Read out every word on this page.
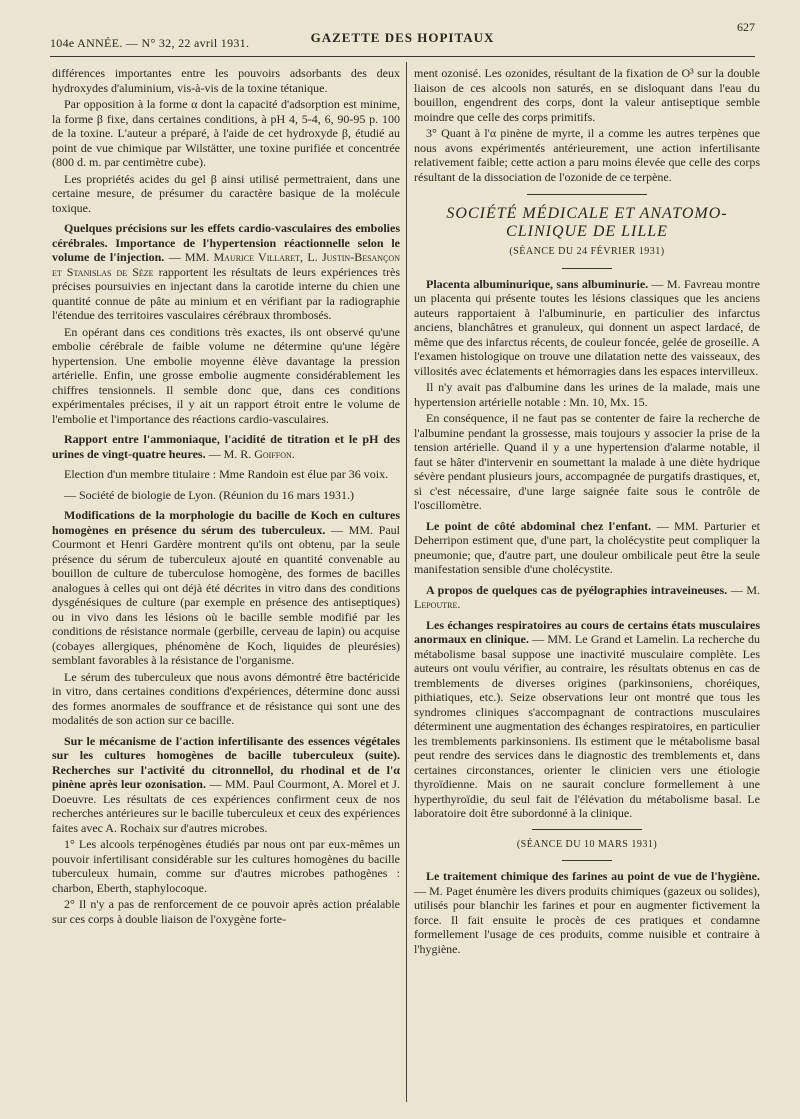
104e ANNÉE. — N° 32, 22 avril 1931.	GAZETTE DES HOPITAUX
627

différences importantes entre les pouvoirs adsorbants des deux hydroxydes d'aluminium, vis-à-vis de la toxine tétanique.

Par opposition à la forme α dont la capacité d'adsorption est minime, la forme β fixe, dans certaines conditions, à pH 4, 5-4, 6, 90-95 p. 100 de la toxine. L'auteur a préparé, à l'aide de cet hydroxyde β, étudié au point de vue chimique par Wilstätter, une toxine purifiée et concentrée (800 d. m. par centimètre cube).

Les propriétés acides du gel β ainsi utilisé permettraient, dans une certaine mesure, de présumer du caractère basique de la molécule toxique.

Quelques précisions sur les effets cardio-vasculaires des embolies cérébrales. Importance de l'hypertension réactionnelle selon le volume de l'injection. — MM. Maurice Villaret, L. Justin-Besançon et Stanislas de Sèze rapportent les résultats de leurs expériences très précises poursuivies en injectant dans la carotide interne du chien une quantité connue de pâte au minium et en vérifiant par la radiographie l'étendue des territoires vasculaires cérébraux thrombosés.

En opérant dans ces conditions très exactes, ils ont observé qu'une embolie cérébrale de faible volume ne détermine qu'une légère hypertension. Une embolie moyenne élève davantage la pression artérielle. Enfin, une grosse embolie augmente considérablement les chiffres tensionnels. Il semble donc que, dans ces conditions expérimentales précises, il y ait un rapport étroit entre le volume de l'embolie et l'importance des réactions cardio-vasculaires.

Rapport entre l'ammoniaque, l'acidité de titration et le pH des urines de vingt-quatre heures. — M. R. Goiffon.

Election d'un membre titulaire : Mme Randoin est élue par 36 voix.

— Société de biologie de Lyon. (Réunion du 16 mars 1931.)

Modifications de la morphologie du bacille de Koch en cultures homogènes en présence du sérum des tuberculeux. — MM. Paul Courmont et Henri Gardère montrent qu'ils ont obtenu, par la seule présence du sérum de tuberculeux ajouté en quantité convenable au bouillon de culture de tuberculose homogène, des formes de bacilles analogues à celles qui ont déjà été décrites in vitro dans des conditions dysgénésiques de culture (par exemple en présence des antiseptiques) ou in vivo dans les lésions où le bacille semble modifié par les conditions de résistance normale (gerbille, cerveau de lapin) ou acquise (cobayes allergiques, phénomène de Koch, liquides de pleurésies) semblant favorables à la résistance de l'organisme.

Le sérum des tuberculeux que nous avons démontré être bactéricide in vitro, dans certaines conditions d'expériences, détermine donc aussi des formes anormales de souffrance et de résistance qui sont une des modalités de son action sur ce bacille.

Sur le mécanisme de l'action infertilisante des essences végétales sur les cultures homogènes de bacille tuberculeux (suite). Recherches sur l'activité du citronnellol, du rhodinal et de l'α pinène après leur ozonisation. — MM. Paul Courmont, A. Morel et J. Doeuvre. Les résultats de ces expériences confirment ceux de nos recherches antérieures sur le bacille tuberculeux et ceux des expériences faites avec A. Rochaix sur d'autres microbes.

1° Les alcools terpénogènes étudiés par nous ont par eux-mêmes un pouvoir infertilisant considérable sur les cultures homogènes du bacille tuberculeux humain, comme sur d'autres microbes pathogènes : charbon, Eberth, staphylocoque.

2° Il n'y a pas de renforcement de ce pouvoir après action préalable sur ces corps à double liaison de l'oxygène forte-

ment ozonisé. Les ozonides, résultant de la fixation de O³ sur la double liaison de ces alcools non saturés, en se disloquant dans l'eau du bouillon, engendrent des corps, dont la valeur antiseptique semble moindre que celle des corps primitifs.

3° Quant à l'α pinène de myrte, il a comme les autres terpènes que nous avons expérimentés antérieurement, une action infertilisante relativement faible; cette action a paru moins élevée que celle des corps résultant de la dissociation de l'ozonide de ce terpène.

SOCIÉTÉ MÉDICALE ET ANATOMO-CLINIQUE DE LILLE

(SÉANCE DU 24 FÉVRIER 1931)

Placenta albuminurique, sans albuminurie. — M. Favreau montre un placenta qui présente toutes les lésions classiques que les anciens auteurs rapportaient à l'albuminurie, en particulier des infarctus anciens, blanchâtres et granuleux, qui donnent un aspect lardacé, de même que des infarctus récents, de couleur foncée, gelée de groseille. A l'examen histologique on trouve une dilatation nette des vaisseaux, des villosités avec éclatements et hémorragies dans les espaces intervilleux.

Il n'y avait pas d'albumine dans les urines de la malade, mais une hypertension artérielle notable : Mn. 10, Mx. 15.

En conséquence, il ne faut pas se contenter de faire la recherche de l'albumine pendant la grossesse, mais toujours y associer la prise de la tension artérielle. Quand il y a une hypertension d'alarme notable, il faut se hâter d'intervenir en soumettant la malade à une diète hydrique sévère pendant plusieurs jours, accompagnée de purgatifs drastiques, et, si c'est nécessaire, d'une large saignée faite sous le contrôle de l'oscillomètre.

Le point de côté abdominal chez l'enfant. — MM. Parturier et Deherripon estiment que, d'une part, la cholécystite peut compliquer la pneumonie; que, d'autre part, une douleur ombilicale peut être la seule manifestation sensible d'une cholécystite.

A propos de quelques cas de pyélographies intraveineuses. — M. Lepoutre.

Les échanges respiratoires au cours de certains états musculaires anormaux en clinique. — MM. Le Grand et Lamelin. La recherche du métabolisme basal suppose une inactivité musculaire complète. Les auteurs ont voulu vérifier, au contraire, les résultats obtenus en cas de tremblements de diverses origines (parkinsoniens, choréiques, pithiatiques, etc.). Seize observations leur ont montré que tous les syndromes cliniques s'accompagnant de contractions musculaires déterminent une augmentation des échanges respiratoires, en particulier les tremblements parkinsoniens. Ils estiment que le métabolisme basal peut rendre des services dans le diagnostic des tremblements et, dans certaines circonstances, orienter le clinicien vers une étiologie thyroïdienne. Mais on ne saurait conclure formellement à une hyperthyroïdie, du seul fait de l'élévation du métabolisme basal. Le laboratoire doit être subordonné à la clinique.

(SÉANCE DU 10 MARS 1931)

Le traitement chimique des farines au point de vue de l'hygiène. — M. Paget énumère les divers produits chimiques (gazeux ou solides), utilisés pour blanchir les farines et pour en augmenter fictivement la force. Il fait ensuite le procès de ces pratiques et condamne formellement l'usage de ces produits, comme nuisible et contraire à l'hygiène.
